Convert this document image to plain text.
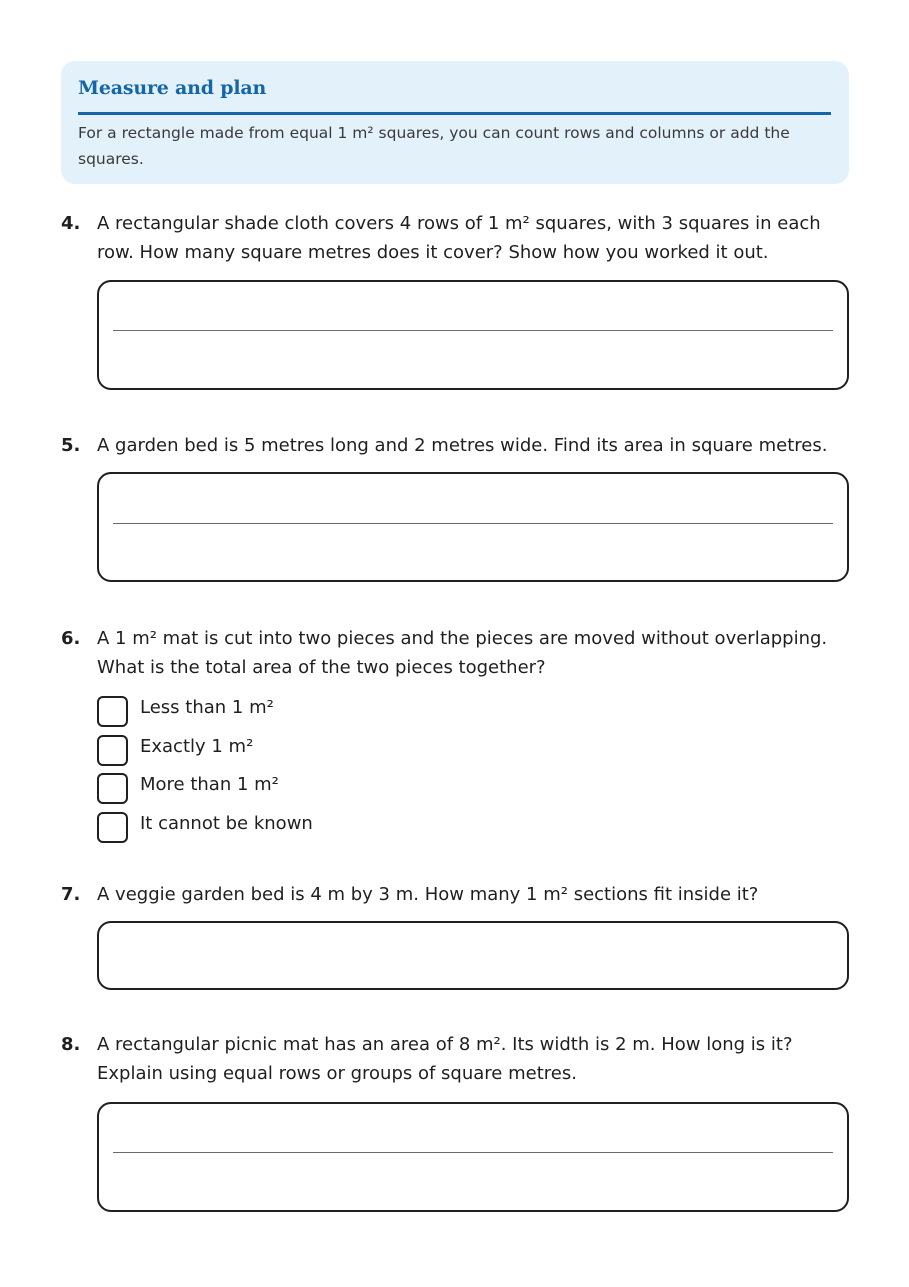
Measure and plan
For a rectangle made from equal 1 m² squares, you can count rows and columns or add the squares.
4. A rectangular shade cloth covers 4 rows of 1 m² squares, with 3 squares in each row. How many square metres does it cover? Show how you worked it out.
5. A garden bed is 5 metres long and 2 metres wide. Find its area in square metres.
6. A 1 m² mat is cut into two pieces and the pieces are moved without overlapping. What is the total area of the two pieces together?
Less than 1 m²
Exactly 1 m²
More than 1 m²
It cannot be known
7. A veggie garden bed is 4 m by 3 m. How many 1 m² sections fit inside it?
8. A rectangular picnic mat has an area of 8 m². Its width is 2 m. How long is it? Explain using equal rows or groups of square metres.
